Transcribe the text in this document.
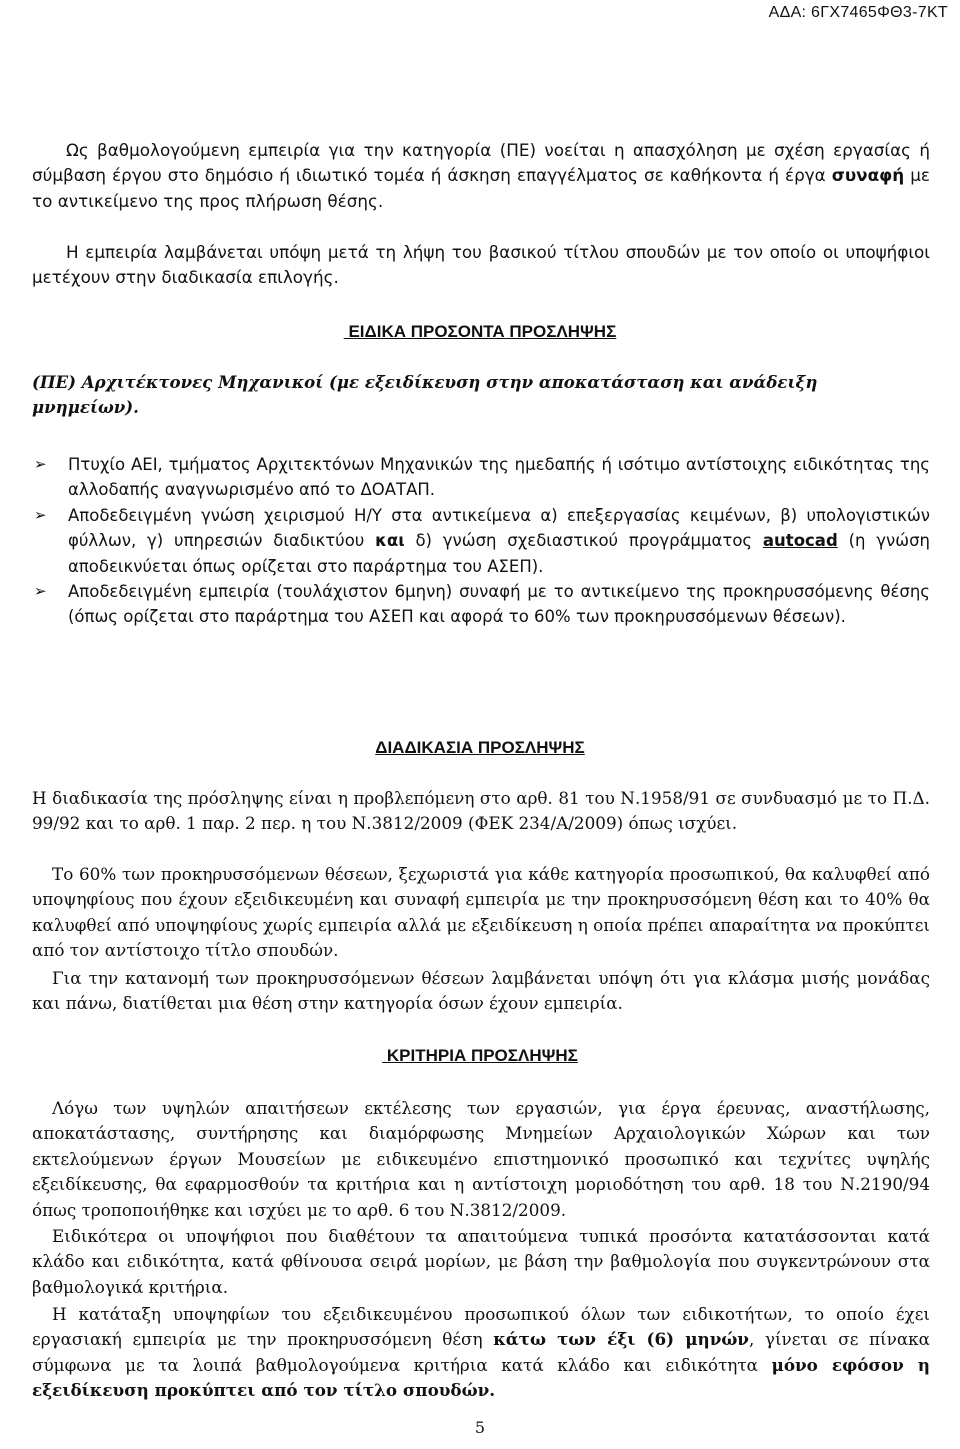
ΑΔΑ: 6ΓΧ7465ΦΘ3-7ΚΤ

Ως βαθμολογούμενη εμπειρία για την κατηγορία (ΠΕ) νοείται η απασχόληση με σχέση εργασίας ή σύμβαση έργου στο δημόσιο ή ιδιωτικό τομέα ή άσκηση επαγγέλματος σε καθήκοντα ή έργα συναφή με το αντικείμενο της προς πλήρωση θέσης.

Η εμπειρία λαμβάνεται υπόψη μετά τη λήψη του βασικού τίτλου σπουδών με τον οποίο οι υποψήφιοι μετέχουν στην διαδικασία επιλογής.

ΕΙΔΙΚΑ ΠΡΟΣΟΝΤΑ ΠΡΟΣΛΗΨΗΣ

(ΠΕ) Αρχιτέκτονες Μηχανικοί (με εξειδίκευση στην αποκατάσταση και ανάδειξη μνημείων).

➢ Πτυχίο ΑΕΙ, τμήματος Αρχιτεκτόνων Μηχανικών της ημεδαπής ή ισότιμο αντίστοιχης ειδικότητας της αλλοδαπής αναγνωρισμένο από το ΔΟΑΤΑΠ.
➢ Αποδεδειγμένη γνώση χειρισμού Η/Υ στα αντικείμενα α) επεξεργασίας κειμένων, β) υπολογιστικών φύλλων, γ) υπηρεσιών διαδικτύου και δ) γνώση σχεδιαστικού προγράμματος autocad (η γνώση αποδεικνύεται όπως ορίζεται στο παράρτημα του ΑΣΕΠ).
➢ Αποδεδειγμένη εμπειρία (τουλάχιστον 6μηνη) συναφή με το αντικείμενο της προκηρυσσόμενης θέσης (όπως ορίζεται στο παράρτημα του ΑΣΕΠ και αφορά το 60% των προκηρυσσόμενων θέσεων).
ΔΙΑΔΙΚΑΣΙΑ ΠΡΟΣΛΗΨΗΣ

Η διαδικασία της πρόσληψης είναι η προβλεπόμενη στο αρθ. 81 του Ν.1958/91 σε συνδυασμό με το Π.Δ. 99/92 και το αρθ. 1 παρ. 2 περ. η του Ν.3812/2009 (ΦΕΚ 234/Α/2009) όπως ισχύει.

Το 60% των προκηρυσσόμενων θέσεων, ξεχωριστά για κάθε κατηγορία προσωπικού, θα καλυφθεί από υποψηφίους που έχουν εξειδικευμένη και συναφή εμπειρία με την προκηρυσσόμενη θέση και το 40% θα καλυφθεί από υποψηφίους χωρίς εμπειρία αλλά με εξειδίκευση η οποία πρέπει απαραίτητα να προκύπτει από τον αντίστοιχο τίτλο σπουδών.

Για την κατανομή των προκηρυσσόμενων θέσεων λαμβάνεται υπόψη ότι για κλάσμα μισής μονάδας και πάνω, διατίθεται μια θέση στην κατηγορία όσων έχουν εμπειρία.

ΚΡΙΤΗΡΙΑ ΠΡΟΣΛΗΨΗΣ

Λόγω των υψηλών απαιτήσεων εκτέλεσης των εργασιών, για έργα έρευνας, αναστήλωσης, αποκατάστασης, συντήρησης και διαμόρφωσης Μνημείων Αρχαιολογικών Χώρων και των εκτελούμενων έργων Μουσείων με ειδικευμένο επιστημονικό προσωπικό και τεχνίτες υψηλής εξειδίκευσης, θα εφαρμοσθούν τα κριτήρια και η αντίστοιχη μοριοδότηση του αρθ. 18 του Ν.2190/94 όπως τροποποιήθηκε και ισχύει με το αρθ. 6 του Ν.3812/2009.

Ειδικότερα οι υποψήφιοι που διαθέτουν τα απαιτούμενα τυπικά προσόντα κατατάσσονται κατά κλάδο και ειδικότητα, κατά φθίνουσα σειρά μορίων, με βάση την βαθμολογία που συγκεντρώνουν στα βαθμολογικά κριτήρια.

Η κατάταξη υποψηφίων του εξειδικευμένου προσωπικού όλων των ειδικοτήτων, το οποίο έχει εργασιακή εμπειρία με την προκηρυσσόμενη θέση κάτω των έξι (6) μηνών, γίνεται σε πίνακα σύμφωνα με τα λοιπά βαθμολογούμενα κριτήρια κατά κλάδο και ειδικότητα μόνο εφόσον η εξειδίκευση προκύπτει από τον τίτλο σπουδών.

5
